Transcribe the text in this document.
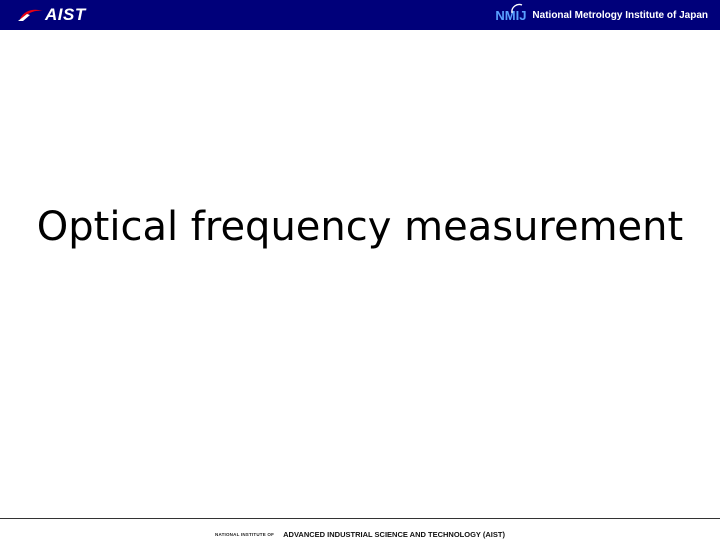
AIST	NMIJ National Metrology Institute of Japan
Optical frequency measurement
NATIONAL INSTITUTE OF ADVANCED INDUSTRIAL SCIENCE AND TECHNOLOGY (AIST)
